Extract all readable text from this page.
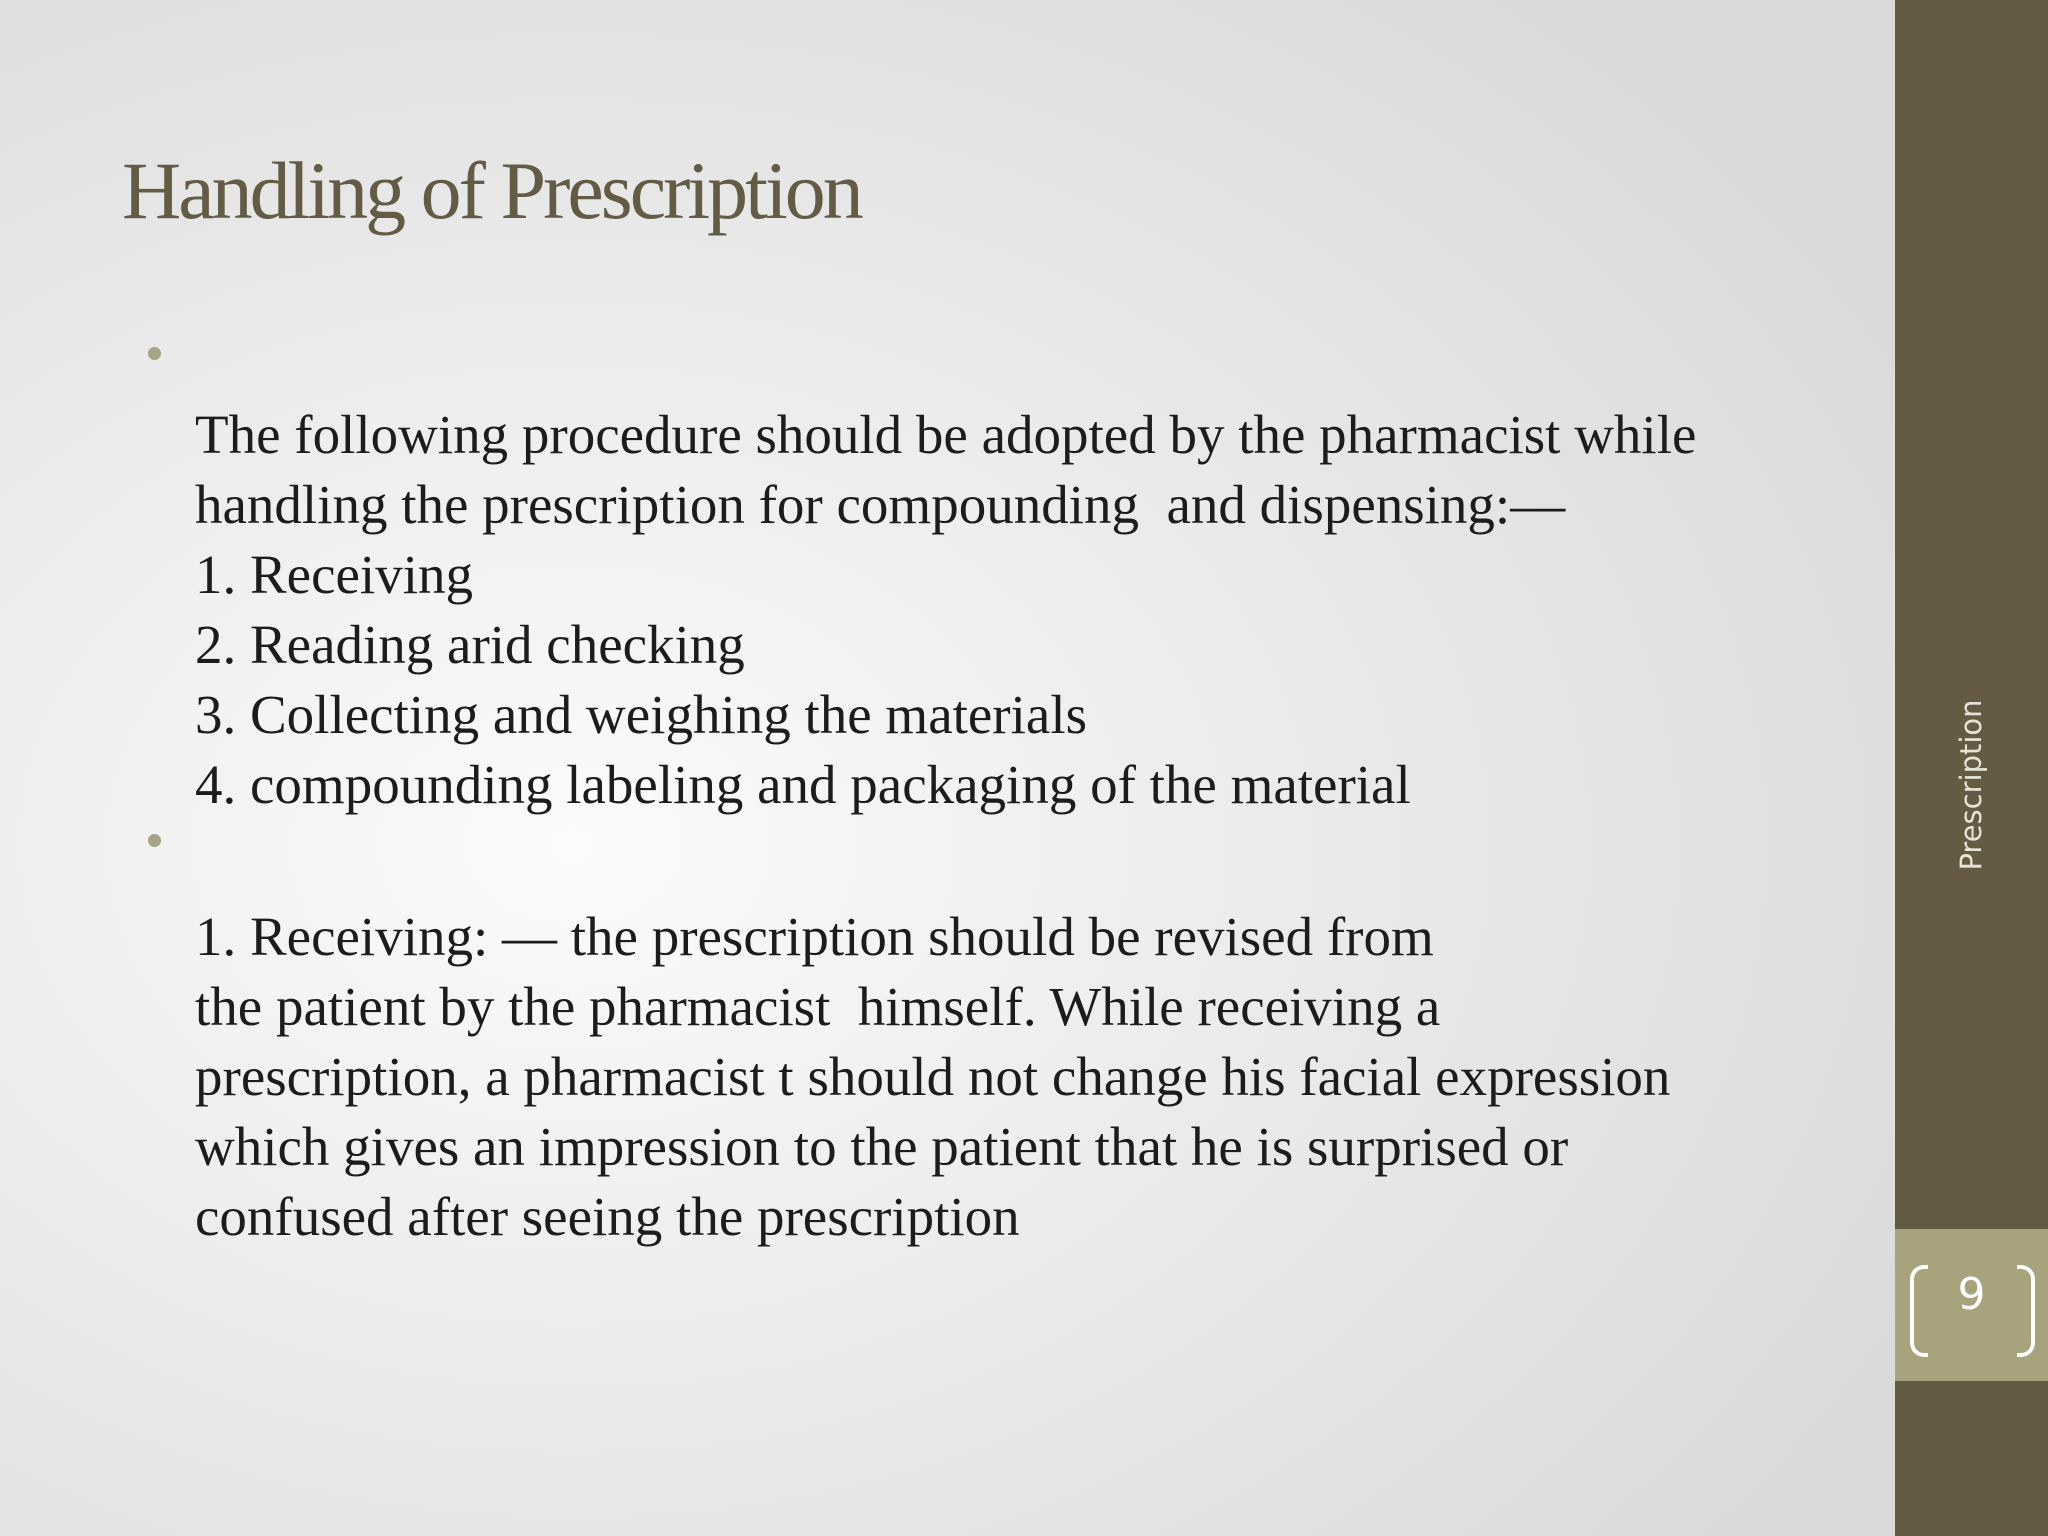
Handling of Prescription
The following procedure should be adopted by the pharmacist while
handling the prescription for compounding  and dispensing:—
1. Receiving
2. Reading arid checking
3. Collecting and weighing the materials
4. compounding labeling and packaging of the material
1. Receiving: — the prescription should be revised from
the patient by the pharmacist  himself. While receiving a
prescription, a pharmacist t should not change his facial expression
which gives an impression to the patient that he is surprised or
confused after seeing the prescription
Prescription
9
